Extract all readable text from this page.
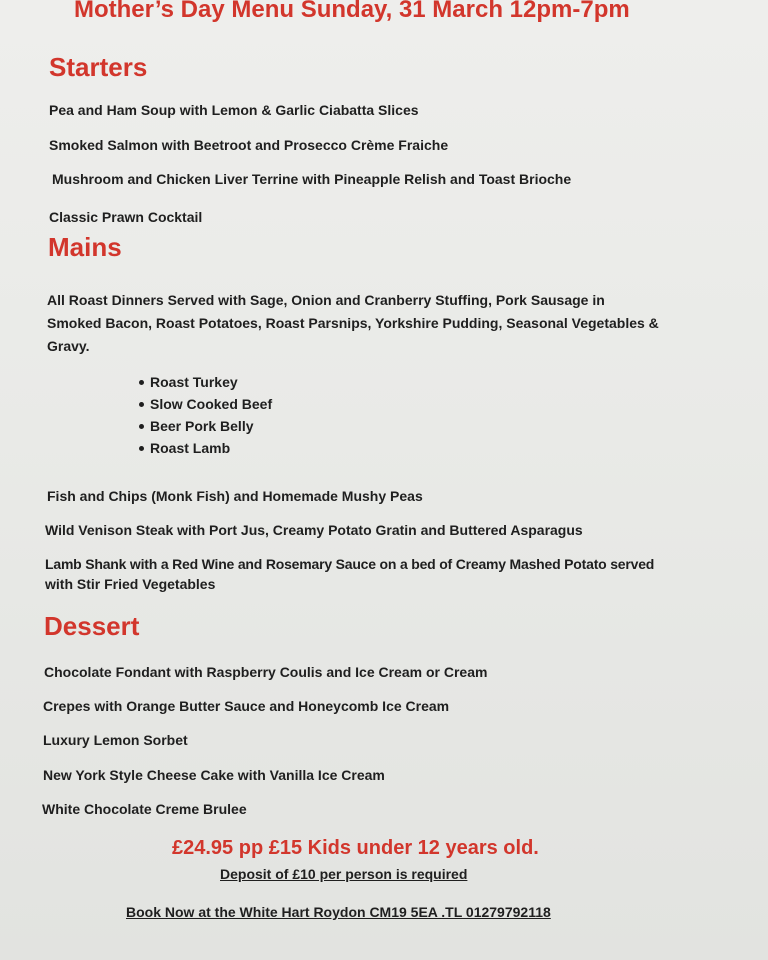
Mother’s Day Menu Sunday, 31 March 12pm-7pm
Starters
Pea and Ham Soup with Lemon & Garlic Ciabatta Slices
Smoked Salmon with Beetroot and Prosecco Crème Fraiche
Mushroom and Chicken Liver Terrine with Pineapple Relish and Toast Brioche
Classic Prawn Cocktail
Mains
All Roast Dinners Served with Sage, Onion and Cranberry Stuffing, Pork Sausage in
Smoked Bacon, Roast Potatoes, Roast Parsnips, Yorkshire Pudding, Seasonal Vegetables &
Gravy.
Roast Turkey
Slow Cooked Beef
Beer Pork Belly
Roast Lamb
Fish and Chips (Monk Fish) and Homemade Mushy Peas
Wild Venison Steak with Port Jus, Creamy Potato Gratin and Buttered Asparagus
Lamb Shank with a Red Wine and Rosemary Sauce on a bed of Creamy Mashed Potato served
with Stir Fried Vegetables
Dessert
Chocolate Fondant with Raspberry Coulis and Ice Cream or Cream
Crepes with Orange Butter Sauce and Honeycomb Ice Cream
Luxury Lemon Sorbet
New York Style Cheese Cake with Vanilla Ice Cream
White Chocolate Creme Brulee
£24.95 pp £15 Kids under 12 years old.
Deposit of £10 per person is required
Book Now at the White Hart Roydon CM19 5EA .TL 01279792118
